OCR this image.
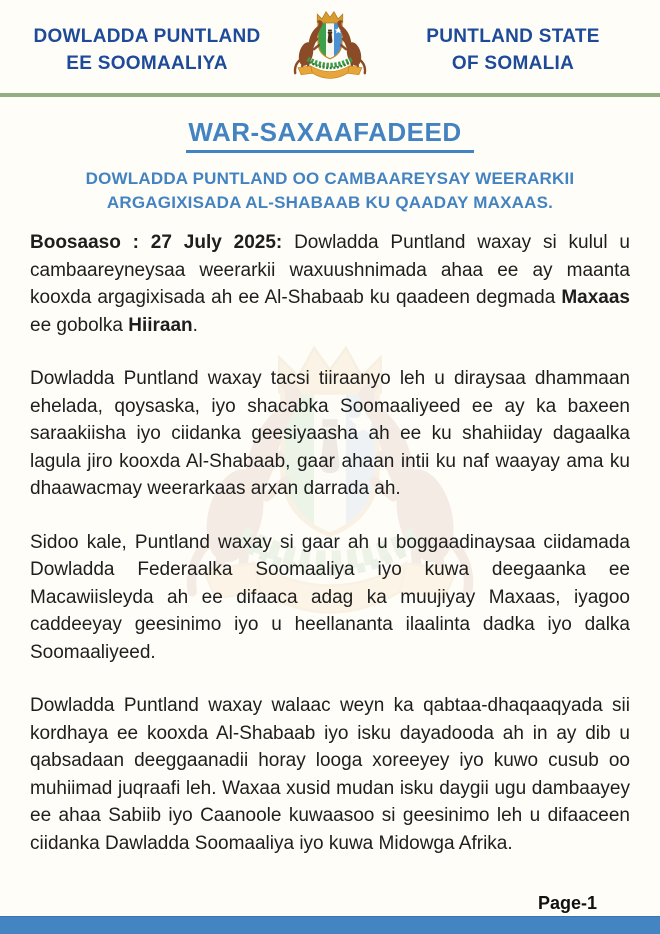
DOWLADDA PUNTLAND
EE SOOMAALIYA
PUNTLAND STATE
OF SOMALIA
WAR-SAXAAFADEED
DOWLADDA PUNTLAND OO CAMBAAREYSAY WEERARKII ARGAGIXISADA AL-SHABAAB KU QAADAY MAXAAS.

Boosaaso : 27 July 2025: Dowladda Puntland waxay si kulul u cambaareyneysaa weerarkii waxuushnimada ahaa ee ay maanta kooxda argagixisada ah ee Al-Shabaab ku qaadeen degmada Maxaas ee gobolka Hiiraan.

Dowladda Puntland waxay tacsi tiiraanyo leh u diraysaa dhammaan ehelada, qoysaska, iyo shacabka Soomaaliyeed ee ay ka baxeen saraakiisha iyo ciidanka geesiyaasha ah ee ku shahiiday dagaalka lagula jiro kooxda Al-Shabaab, gaar ahaan intii ku naf waayay ama ku dhaawacmay weerarkaas arxan darrada ah.

Sidoo kale, Puntland waxay si gaar ah u boggaadinaysaa ciidamada Dowladda Federaalka Soomaaliya iyo kuwa deegaanka ee Macawiisleyda ah ee difaaca adag ka muujiyay Maxaas, iyagoo caddeeyay geesinimo iyo u heellananta ilaalinta dadka iyo dalka Soomaaliyeed.

Dowladda Puntland waxay walaac weyn ka qabtaa-dhaqaaqyada sii kordhaya ee kooxda Al-Shabaab iyo isku dayadooda ah in ay dib u qabsadaan deeggaanadii horay looga xoreeyey iyo kuwo cusub oo muhiimad juqraafi leh. Waxaa xusid mudan isku daygii ugu dambaayey ee ahaa Sabiib iyo Caanoole kuwaasoo si geesinimo leh u difaaceen ciidanka Dawladda Soomaaliya iyo kuwa Midowga Afrika.

Page-1
